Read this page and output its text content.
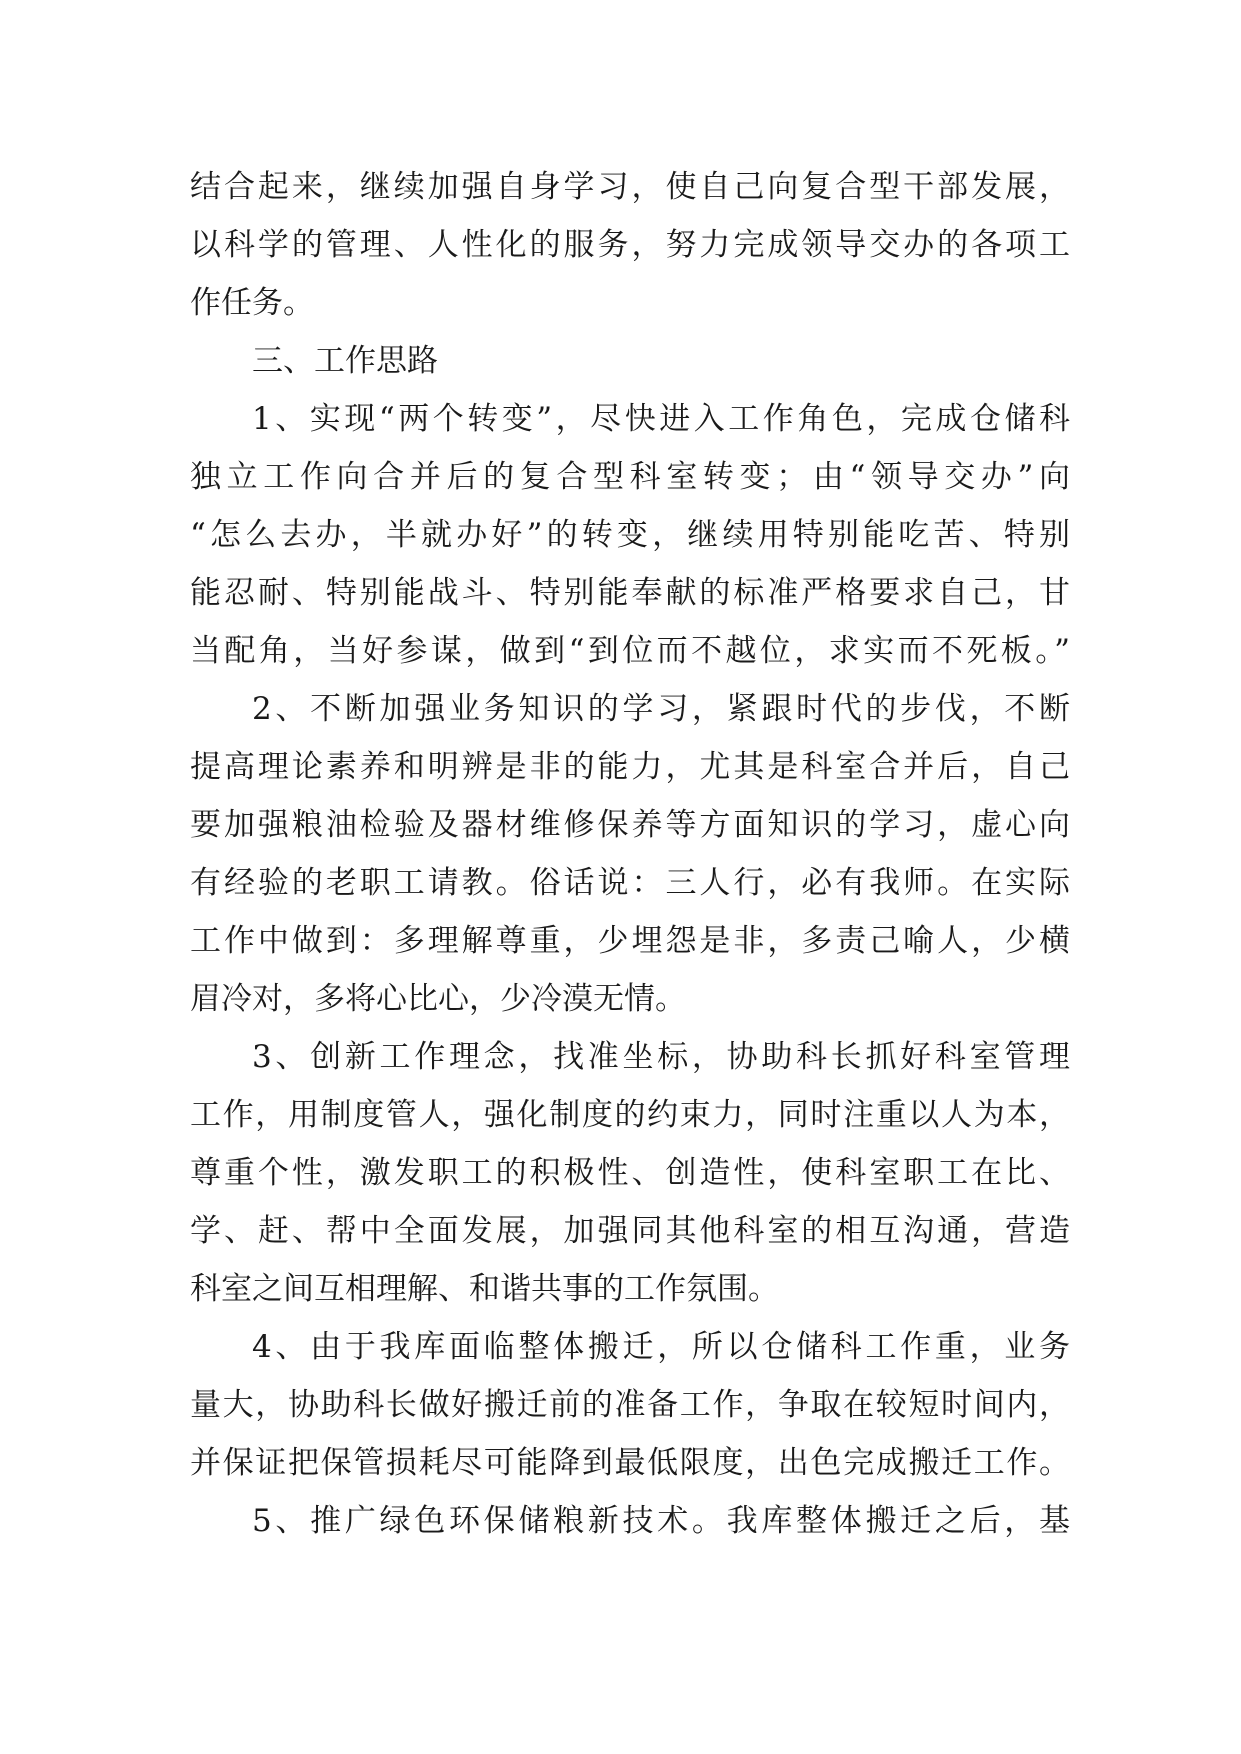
结合起来，继续加强自身学习，使自己向复合型干部发展，
以科学的管理、人性化的服务，努力完成领导交办的各项工
作任务。
三、工作思路
1、实现“两个转变”，尽快进入工作角色，完成仓储科
独立工作向合并后的复合型科室转变；由“领导交办”向
“怎么去办，半就办好”的转变，继续用特别能吃苦、特别
能忍耐、特别能战斗、特别能奉献的标准严格要求自己，甘
当配角，当好参谋，做到“到位而不越位，求实而不死板。”
2、不断加强业务知识的学习，紧跟时代的步伐，不断
提高理论素养和明辨是非的能力，尤其是科室合并后，自己
要加强粮油检验及器材维修保养等方面知识的学习，虚心向
有经验的老职工请教。俗话说：三人行，必有我师。在实际
工作中做到：多理解尊重，少埋怨是非，多责己喻人，少横
眉冷对，多将心比心，少冷漠无情。
3、创新工作理念，找准坐标，协助科长抓好科室管理
工作，用制度管人，强化制度的约束力，同时注重以人为本，
尊重个性，激发职工的积极性、创造性，使科室职工在比、
学、赶、帮中全面发展，加强同其他科室的相互沟通，营造
科室之间互相理解、和谐共事的工作氛围。
4、由于我库面临整体搬迁，所以仓储科工作重，业务
量大，协助科长做好搬迁前的准备工作，争取在较短时间内，
并保证把保管损耗尽可能降到最低限度，出色完成搬迁工作。
5、推广绿色环保储粮新技术。我库整体搬迁之后，基
